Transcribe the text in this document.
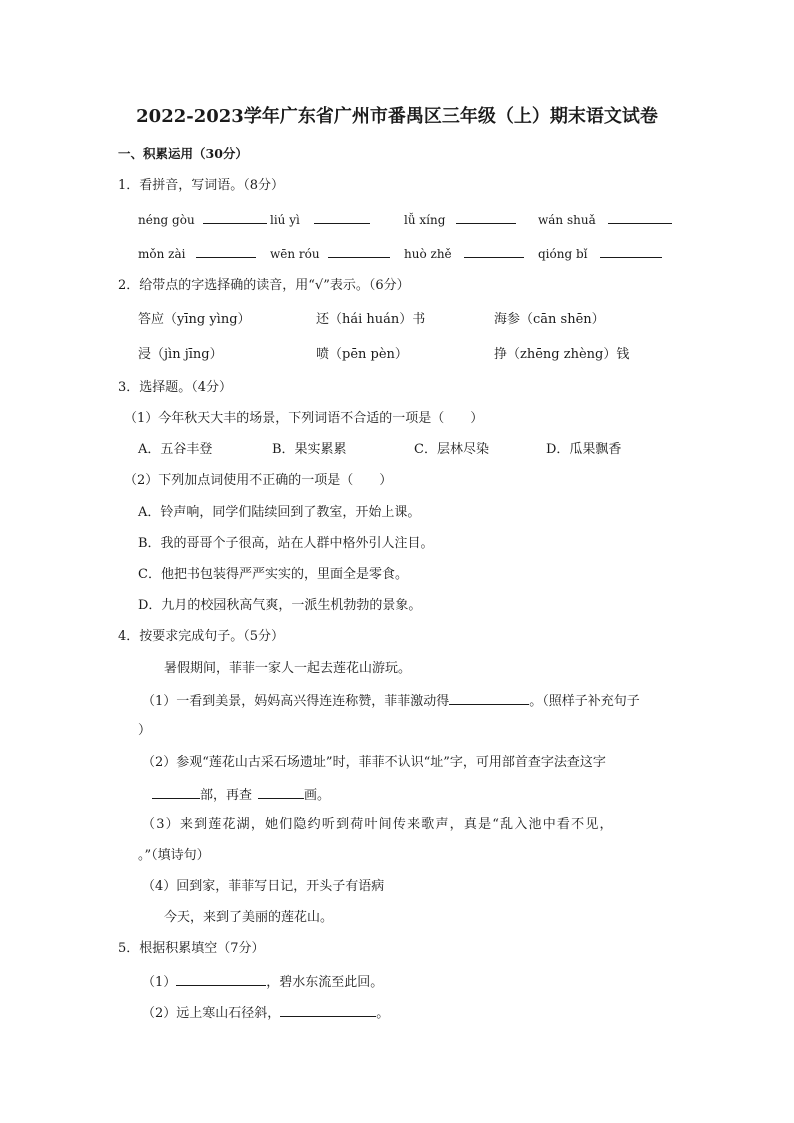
2022-2023学年广东省广州市番禺区三年级（上）期末语文试卷
一、积累运用（30分）
1．看拼音，写词语。（8分）
néng gòu	liú yì	lǚ xíng	wán shuǎ
mǒn zài	wēn róu	huò zhě	qióng bǐ
2．给带点的字选择确的读音，用“√”表示。（6分）
答应（yīng yìng）	还（hái huán）书	海参（cān shēn）
浸（jìn jīng）	喷（pēn pèn）	挣（zhēng zhèng）钱
3．选择题。（4分）
（1）今年秋天大丰的场景，下列词语不合适的一项是（　　）
A．五谷丰登	B．果实累累	C．层林尽染	D．瓜果飘香
（2）下列加点词使用不正确的一项是（　　）
A．铃声响，同学们陆续回到了教室，开始上课。
B．我的哥哥个子很高，站在人群中格外引人注目。
C．他把书包装得严严实实的，里面全是零食。
D．九月的校园秋高气爽，一派生机勃勃的景象。
4．按要求完成句子。（5分）
暑假期间，菲菲一家人一起去莲花山游玩。
（1）一看到美景，妈妈高兴得连连称赞，菲菲激动得	。（照样子补充句子
）
（2）参观“莲花山古采石场遗址”时，菲菲不认识“址”字，可用部首查字法查这字
部，再查	画。
（3）来到莲花湖，她们隐约听到荷叶间传来歌声，真是“乱入池中看不见，
。”（填诗句）
（4）回到家，菲菲写日记，开头子有语病
今天，来到了美丽的莲花山。
5．根据积累填空（7分）
（1）	，碧水东流至此回。
（2）远上寒山石径斜，	。
